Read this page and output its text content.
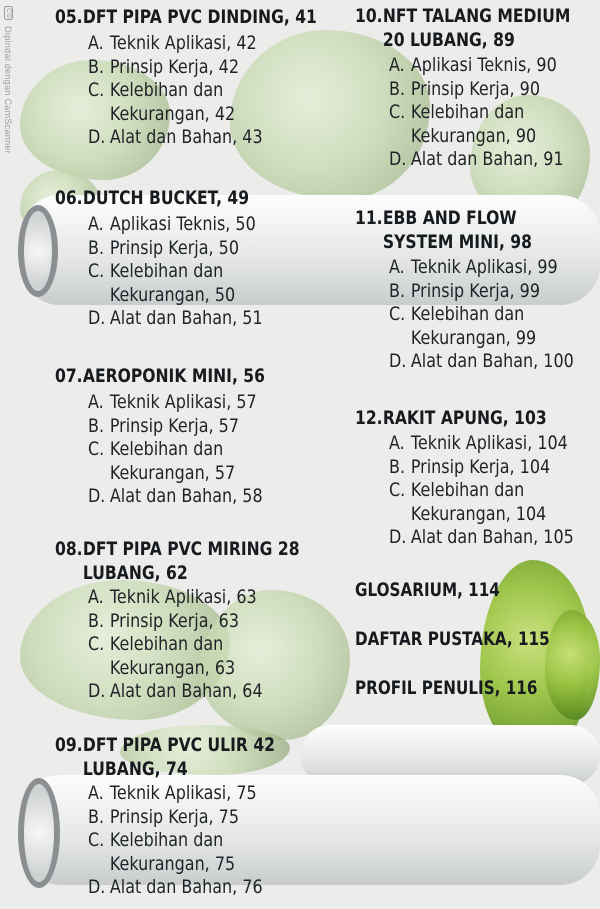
CS Dipindai dengan CamScanner
05.DFT PIPA PVC DINDING, 41
A. Teknik Aplikasi, 42
B. Prinsip Kerja, 42
C. Kelebihan dan
Kekurangan, 42
D. Alat dan Bahan, 43
06.DUTCH BUCKET, 49
A. Aplikasi Teknis, 50
B. Prinsip Kerja, 50
C. Kelebihan dan
Kekurangan, 50
D. Alat dan Bahan, 51
07.AEROPONIK MINI, 56
A. Teknik Aplikasi, 57
B. Prinsip Kerja, 57
C. Kelebihan dan
Kekurangan, 57
D. Alat dan Bahan, 58
08.DFT PIPA PVC MIRING 28
LUBANG, 62
A. Teknik Aplikasi, 63
B. Prinsip Kerja, 63
C. Kelebihan dan
Kekurangan, 63
D. Alat dan Bahan, 64
09.DFT PIPA PVC ULIR 42
LUBANG, 74
A. Teknik Aplikasi, 75
B. Prinsip Kerja, 75
C. Kelebihan dan
Kekurangan, 75
D. Alat dan Bahan, 76
10.NFT TALANG MEDIUM
20 LUBANG, 89
A. Aplikasi Teknis, 90
B. Prinsip Kerja, 90
C. Kelebihan dan
Kekurangan, 90
D. Alat dan Bahan, 91
11.EBB AND FLOW
SYSTEM MINI, 98
A. Teknik Aplikasi, 99
B. Prinsip Kerja, 99
C. Kelebihan dan
Kekurangan, 99
D. Alat dan Bahan, 100
12.RAKIT APUNG, 103
A. Teknik Aplikasi, 104
B. Prinsip Kerja, 104
C. Kelebihan dan
Kekurangan, 104
D. Alat dan Bahan, 105
GLOSARIUM, 114
DAFTAR PUSTAKA, 115
PROFIL PENULIS, 116
